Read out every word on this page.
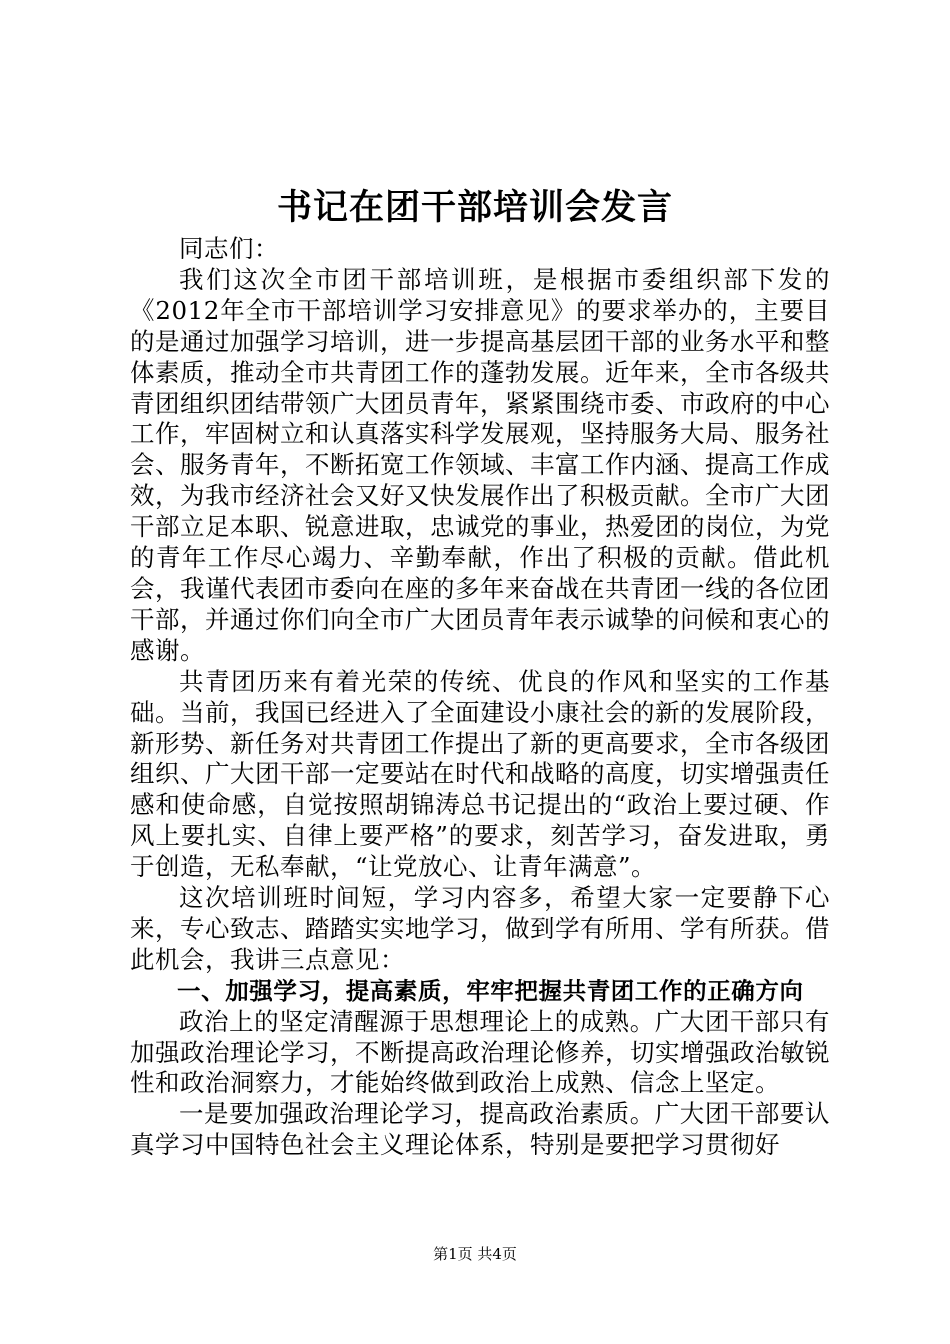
书记在团干部培训会发言

同志们：

我们这次全市团干部培训班，是根据市委组织部下发的《2012年全市干部培训学习安排意见》的要求举办的，主要目的是通过加强学习培训，进一步提高基层团干部的业务水平和整体素质，推动全市共青团工作的蓬勃发展。近年来，全市各级共青团组织团结带领广大团员青年，紧紧围绕市委、市政府的中心工作，牢固树立和认真落实科学发展观，坚持服务大局、服务社会、服务青年，不断拓宽工作领域、丰富工作内涵、提高工作成效，为我市经济社会又好又快发展作出了积极贡献。全市广大团干部立足本职、锐意进取，忠诚党的事业，热爱团的岗位，为党的青年工作尽心竭力、辛勤奉献，作出了积极的贡献。借此机会，我谨代表团市委向在座的多年来奋战在共青团一线的各位团干部，并通过你们向全市广大团员青年表示诚挚的问候和衷心的感谢。

共青团历来有着光荣的传统、优良的作风和坚实的工作基础。当前，我国已经进入了全面建设小康社会的新的发展阶段，新形势、新任务对共青团工作提出了新的更高要求，全市各级团组织、广大团干部一定要站在时代和战略的高度，切实增强责任感和使命感，自觉按照胡锦涛总书记提出的“政治上要过硬、作风上要扎实、自律上要严格”的要求，刻苦学习，奋发进取，勇于创造，无私奉献，“让党放心、让青年满意”。

这次培训班时间短，学习内容多，希望大家一定要静下心来，专心致志、踏踏实实地学习，做到学有所用、学有所获。借此机会，我讲三点意见：

一、加强学习，提高素质，牢牢把握共青团工作的正确方向

政治上的坚定清醒源于思想理论上的成熟。广大团干部只有加强政治理论学习，不断提高政治理论修养，切实增强政治敏锐性和政治洞察力，才能始终做到政治上成熟、信念上坚定。

一是要加强政治理论学习，提高政治素质。广大团干部要认真学习中国特色社会主义理论体系，特别是要把学习贯彻好

第1页 共4页
